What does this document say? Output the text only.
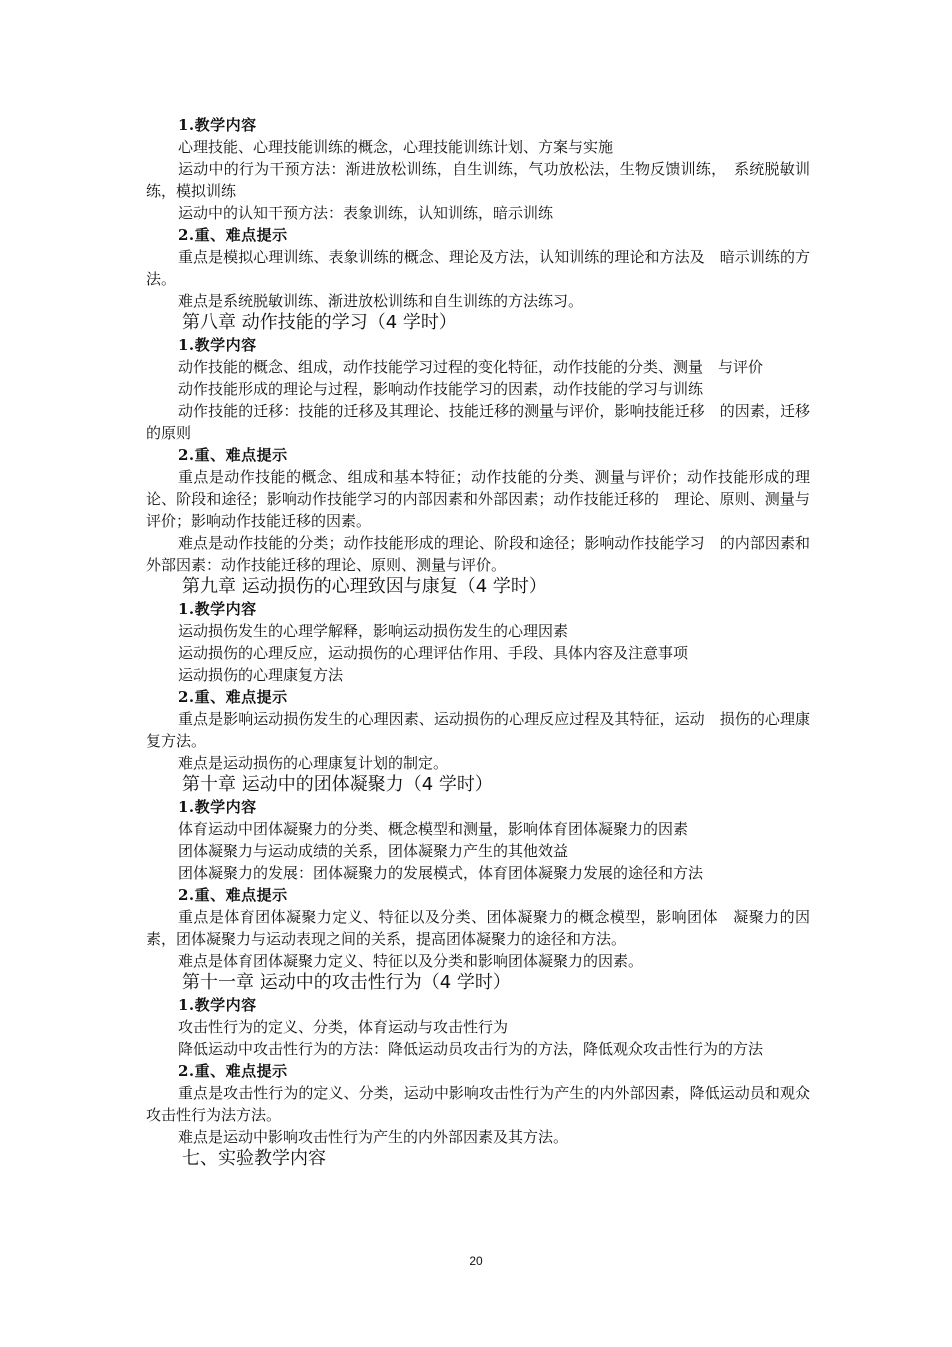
1.教学内容

心理技能、心理技能训练的概念，心理技能训练计划、方案与实施

运动中的行为干预方法：渐进放松训练，自生训练，气功放松法，生物反馈训练，　系统脱敏训练，模拟训练

运动中的认知干预方法：表象训练，认知训练，暗示训练

2.重、难点提示

重点是模拟心理训练、表象训练的概念、理论及方法，认知训练的理论和方法及　暗示训练的方法。

难点是系统脱敏训练、渐进放松训练和自生训练的方法练习。

第八章 动作技能的学习（4 学时）

1.教学内容

动作技能的概念、组成，动作技能学习过程的变化特征，动作技能的分类、测量　与评价

动作技能形成的理论与过程，影响动作技能学习的因素，动作技能的学习与训练

动作技能的迁移：技能的迁移及其理论、技能迁移的测量与评价，影响技能迁移　的因素，迁移的原则

2.重、难点提示

重点是动作技能的概念、组成和基本特征；动作技能的分类、测量与评价；动作技能形成的理论、阶段和途径；影响动作技能学习的内部因素和外部因素；动作技能迁移的　理论、原则、测量与评价；影响动作技能迁移的因素。

难点是动作技能的分类；动作技能形成的理论、阶段和途径；影响动作技能学习　的内部因素和外部因素：动作技能迁移的理论、原则、测量与评价。

第九章 运动损伤的心理致因与康复（4 学时）

1.教学内容

运动损伤发生的心理学解释，影响运动损伤发生的心理因素

运动损伤的心理反应，运动损伤的心理评估作用、手段、具体内容及注意事项

运动损伤的心理康复方法

2.重、难点提示

重点是影响运动损伤发生的心理因素、运动损伤的心理反应过程及其特征，运动　损伤的心理康复方法。

难点是运动损伤的心理康复计划的制定。

第十章 运动中的团体凝聚力（4 学时）

1.教学内容

体育运动中团体凝聚力的分类、概念模型和测量，影响体育团体凝聚力的因素

团体凝聚力与运动成绩的关系，团体凝聚力产生的其他效益

团体凝聚力的发展：团体凝聚力的发展模式，体育团体凝聚力发展的途径和方法

2.重、难点提示

重点是体育团体凝聚力定义、特征以及分类、团体凝聚力的概念模型，影响团体　凝聚力的因素，团体凝聚力与运动表现之间的关系，提高团体凝聚力的途径和方法。

难点是体育团体凝聚力定义、特征以及分类和影响团体凝聚力的因素。

第十一章 运动中的攻击性行为（4 学时）

1.教学内容

攻击性行为的定义、分类，体育运动与攻击性行为

降低运动中攻击性行为的方法：降低运动员攻击行为的方法，降低观众攻击性行为的方法

2.重、难点提示

重点是攻击性行为的定义、分类，运动中影响攻击性行为产生的内外部因素，降低运动员和观众攻击性行为法方法。

难点是运动中影响攻击性行为产生的内外部因素及其方法。

七、实验教学内容

20
